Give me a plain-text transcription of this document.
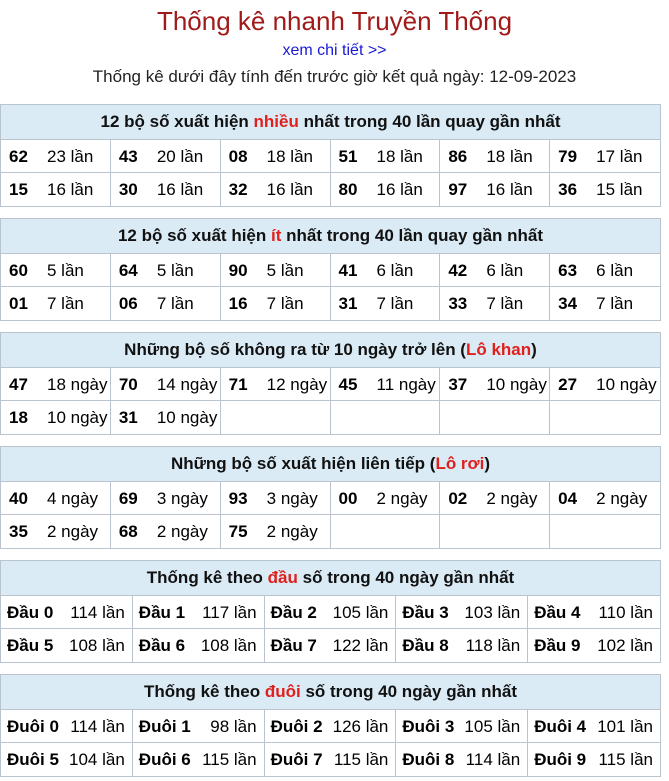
Thống kê nhanh Truyền Thống
xem chi tiết >>
Thống kê dưới đây tính đến trước giờ kết quả ngày: 12-09-2023
12 bộ số xuất hiện nhiều nhất trong 40 lần quay gần nhất
62 23 lần	43 20 lần	08 18 lần	51 18 lần	86 18 lần	79 17 lần
15 16 lần	30 16 lần	32 16 lần	80 16 lần	97 16 lần	36 15 lần
12 bộ số xuất hiện ít nhất trong 40 lần quay gần nhất
60 5 lần	64 5 lần	90 5 lần	41 6 lần	42 6 lần	63 6 lần
01 7 lần	06 7 lần	16 7 lần	31 7 lần	33 7 lần	34 7 lần
Những bộ số không ra từ 10 ngày trở lên (Lô khan)
47 18 ngày 70 14 ngày 71 12 ngày 45 11 ngày 37 10 ngày 27 10 ngày
18 10 ngày 31 10 ngày
Những bộ số xuất hiện liên tiếp (Lô rơi)
40 4 ngày	69 3 ngày	93 3 ngày	00 2 ngày	02 2 ngày	04 2 ngày
35 2 ngày	68 2 ngày	75 2 ngày
Thống kê theo đầu số trong 40 ngày gần nhất
Đầu 0 114 lần Đầu 1 117 lần Đầu 2 105 lần Đầu 3 103 lần Đầu 4 110 lần
Đầu 5 108 lần Đầu 6 108 lần Đầu 7 122 lần Đầu 8 118 lần Đầu 9 102 lần
Thống kê theo đuôi số trong 40 ngày gần nhất
Đuôi 0 114 lần Đuôi 1 98 lần Đuôi 2 126 lần Đuôi 3 105 lần Đuôi 4 101 lần
Đuôi 5 104 lần Đuôi 6 115 lần Đuôi 7 115 lần Đuôi 8 114 lần Đuôi 9 115 lần
